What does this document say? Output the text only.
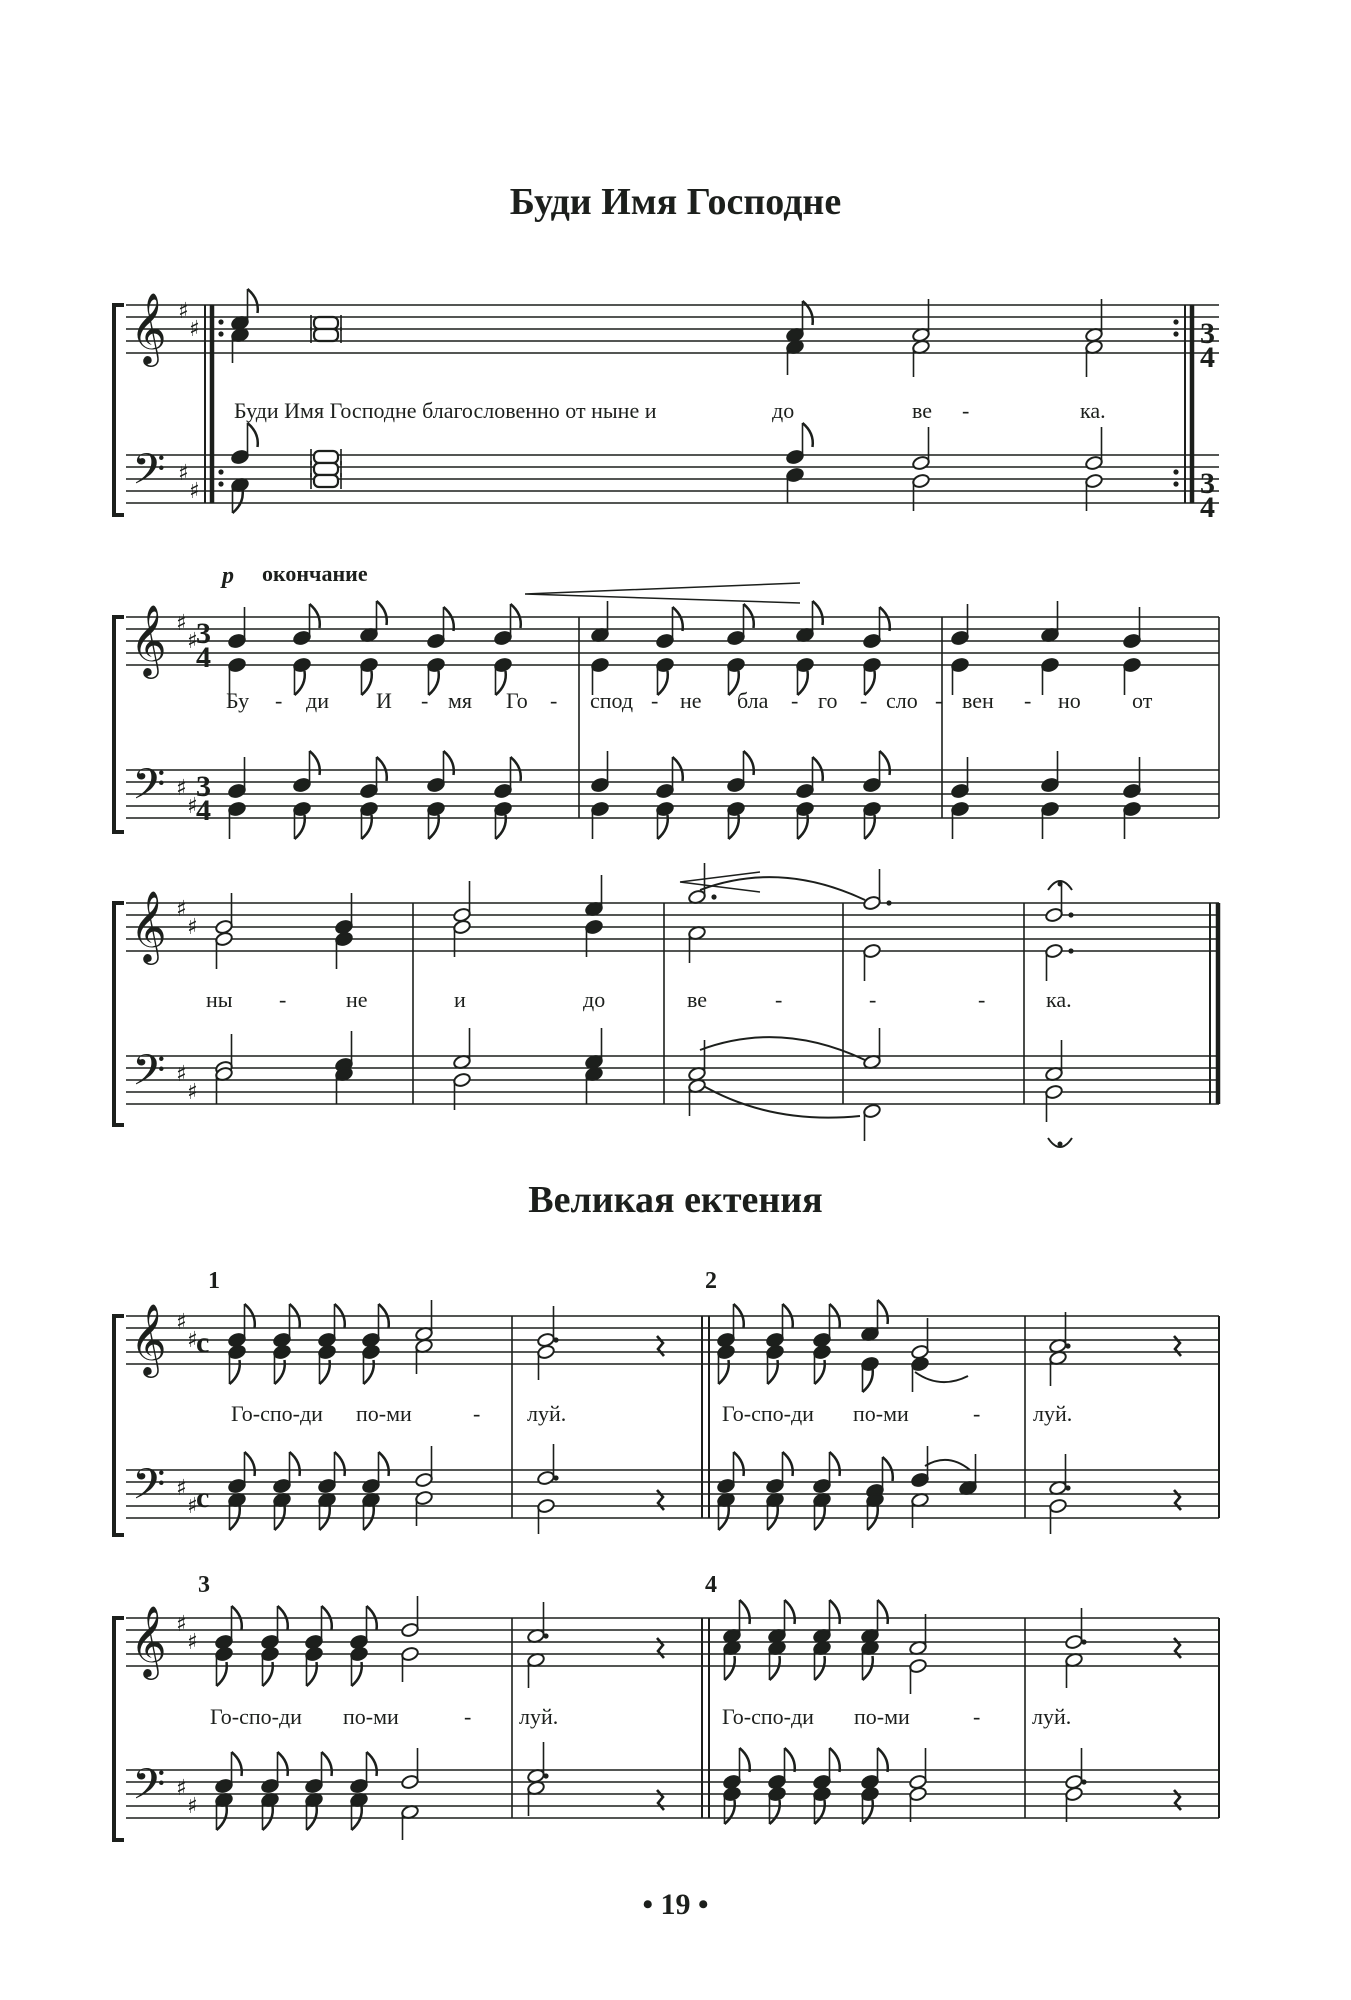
Буди Имя Господне
Великая ектения
𝄞
𝄢
♯
♯
♯
♯
𝄞
𝄢
♯
♯
♯
♯
𝄞
𝄢
♯
♯
♯
♯
𝄞
𝄢
♯
♯
♯
♯
𝄞
𝄢
♯
♯
♯
♯
Буди Имя Господне благословенно от ныне и	до	ве -	ка.
3
4
3
4
p окончание
3
4
3
4
Бу - ди И - мя Го - спод - не бла - го - сло - вен - но от
ны -	не	и	до	ве	-	-	-	ка.
1	2
c
c
Го-спо-ди по-ми	- луй.	Го-спо-ди по-ми	- луй.
3	4
Го-спо-ди по-ми	- луй.	Го-спо-ди по-ми	- луй.
• 19 •
